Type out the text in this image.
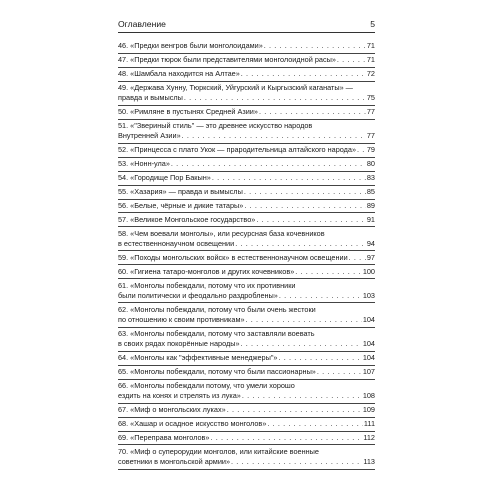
Оглавление	5
46. «Предки венгров были монголоидами» . . .	71
47. «Предки тюрок были представителями монголоидной расы» . . .	71
48. «Шамбала находится на Алтае» . . .	72
49. «Держава Хунну, Тюркский, Уйгурский и Кыргызский каганаты» —
правда и вымыслы . . .	75
50. «Римляне в пустынях Средней Азии» . . .	77
51. «"Звериный стиль" — это древнее искусство народов
Внутренней Азии» . . .	77
52. «Принцесса с плато Укок — прародительница алтайского народа» . . . 79
53. «Нонн-ула» . . .	80
54. «Городище Пор Бакын» . . .	83
55. «Хазария» — правда и вымыслы . . .	85
56. «Белые, чёрные и дикие татары» . . .	89
57. «Великое Монгольское государство» . . .	91
58. «Чем воевали монголы», или ресурсная база кочевников
в естественнонаучном освещении . . .	94
59. «Походы монгольских войск» в естественнонаучном освещении . . .	97
60. «Гигиена татаро-монголов и других кочевников» . . .	100
61. «Монголы побеждали, потому что их противники
были политически и феодально раздроблены» . . .	103
62. «Монголы побеждали, потому что были очень жестоки
по отношению к своим противникам» . . .	104
63. «Монголы побеждали, потому что заставляли воевать
в своих рядах покорённые народы» . . .	104
64. «Монголы как "эффективные менеджеры"» . . .	104
65. «Монголы побеждали, потому что были пассионарны» . . .	107
66. «Монголы побеждали потому, что умели хорошо
ездить на конях и стрелять из лука» . . .	108
67. «Миф о монгольских луках» . . .	109
68. «Хашар и осадное искусство монголов» . . .	111
69. «Переправа монголов» . . .	112
70. «Миф о суперорудии монголов, или китайские военные
советники в монгольской армии» . . .	113
